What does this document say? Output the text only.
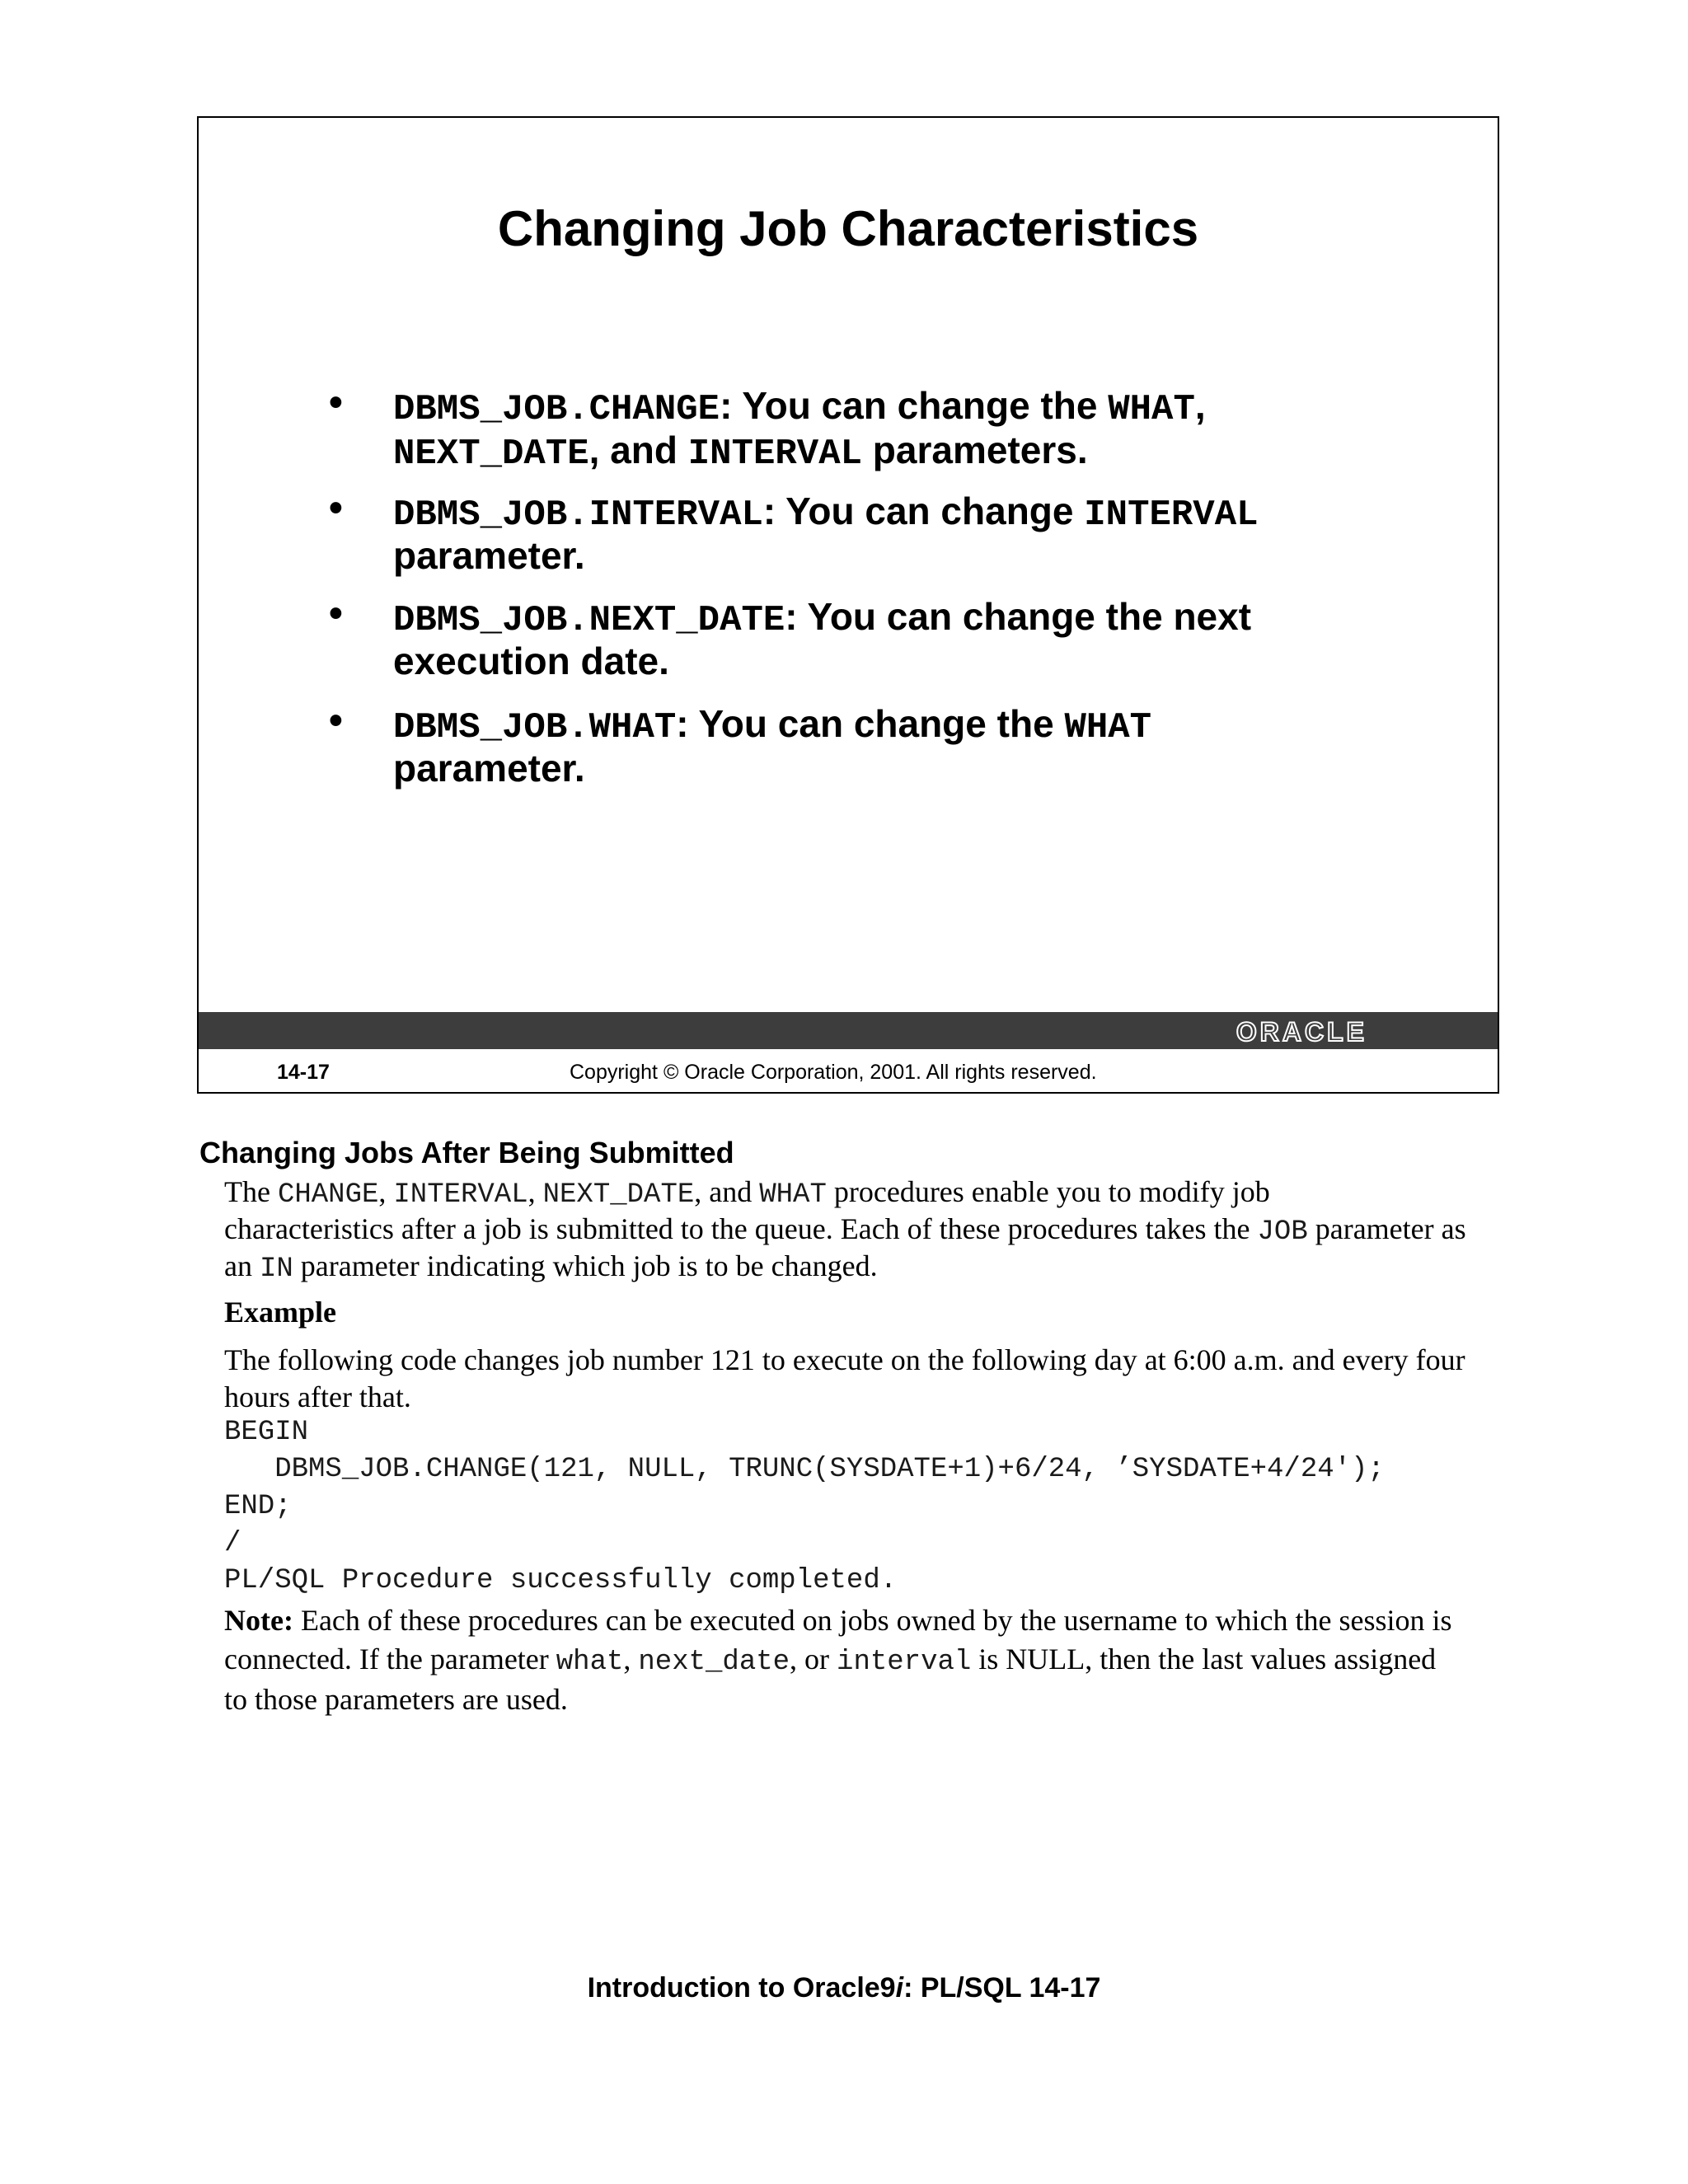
Changing Job Characteristics
• DBMS_JOB.CHANGE: You can change the WHAT,
NEXT_DATE, and INTERVAL parameters.
• DBMS_JOB.INTERVAL: You can change INTERVAL
parameter.
• DBMS_JOB.NEXT_DATE: You can change the next
execution date.
• DBMS_JOB.WHAT: You can change the WHAT
parameter.
ORACLE
14-17	Copyright © Oracle Corporation, 2001. All rights reserved.
Changing Jobs After Being Submitted
The CHANGE, INTERVAL, NEXT_DATE, and WHAT procedures enable you to modify job
characteristics after a job is submitted to the queue. Each of these procedures takes the JOB parameter as
an IN parameter indicating which job is to be changed.
Example
The following code changes job number 121 to execute on the following day at 6:00 a.m. and every four
hours after that.
BEGIN
DBMS_JOB.CHANGE(121, NULL, TRUNC(SYSDATE+1)+6/24, ’SYSDATE+4/24');
END;
/
PL/SQL Procedure successfully completed.
Note: Each of these procedures can be executed on jobs owned by the username to which the session is
connected. If the parameter what, next_date, or interval is NULL, then the last values assigned
to those parameters are used.
Introduction to Oracle9i: PL/SQL 14-17
